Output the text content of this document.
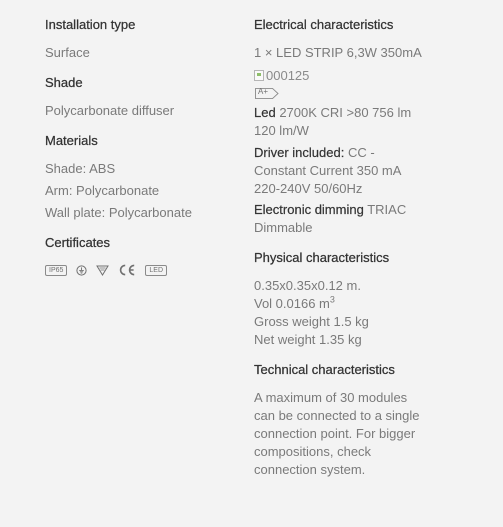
Installation type

Surface

Shade

Polycarbonate diffuser

Materials

Shade: ABS

Arm: Polycarbonate

Wall plate: Polycarbonate

Certificates

IP65	LED

Electrical characteristics

1 × LED STRIP 6,3W 350mA

000125
A+

Led 2700K CRI >80 756 lm

120 lm/W

Driver included: CC -

Constant Current 350 mA

220-240V 50/60Hz

Electronic dimming TRIAC

Dimmable

Physical characteristics

0.35x0.35x0.12 m.

Vol 0.0166 $m^3$

Gross weight 1.5 kg

Net weight 1.35 kg

Technical characteristics

A maximum of 30 modules

can be connected to a single

connection point. For bigger

compositions, check

connection system.
